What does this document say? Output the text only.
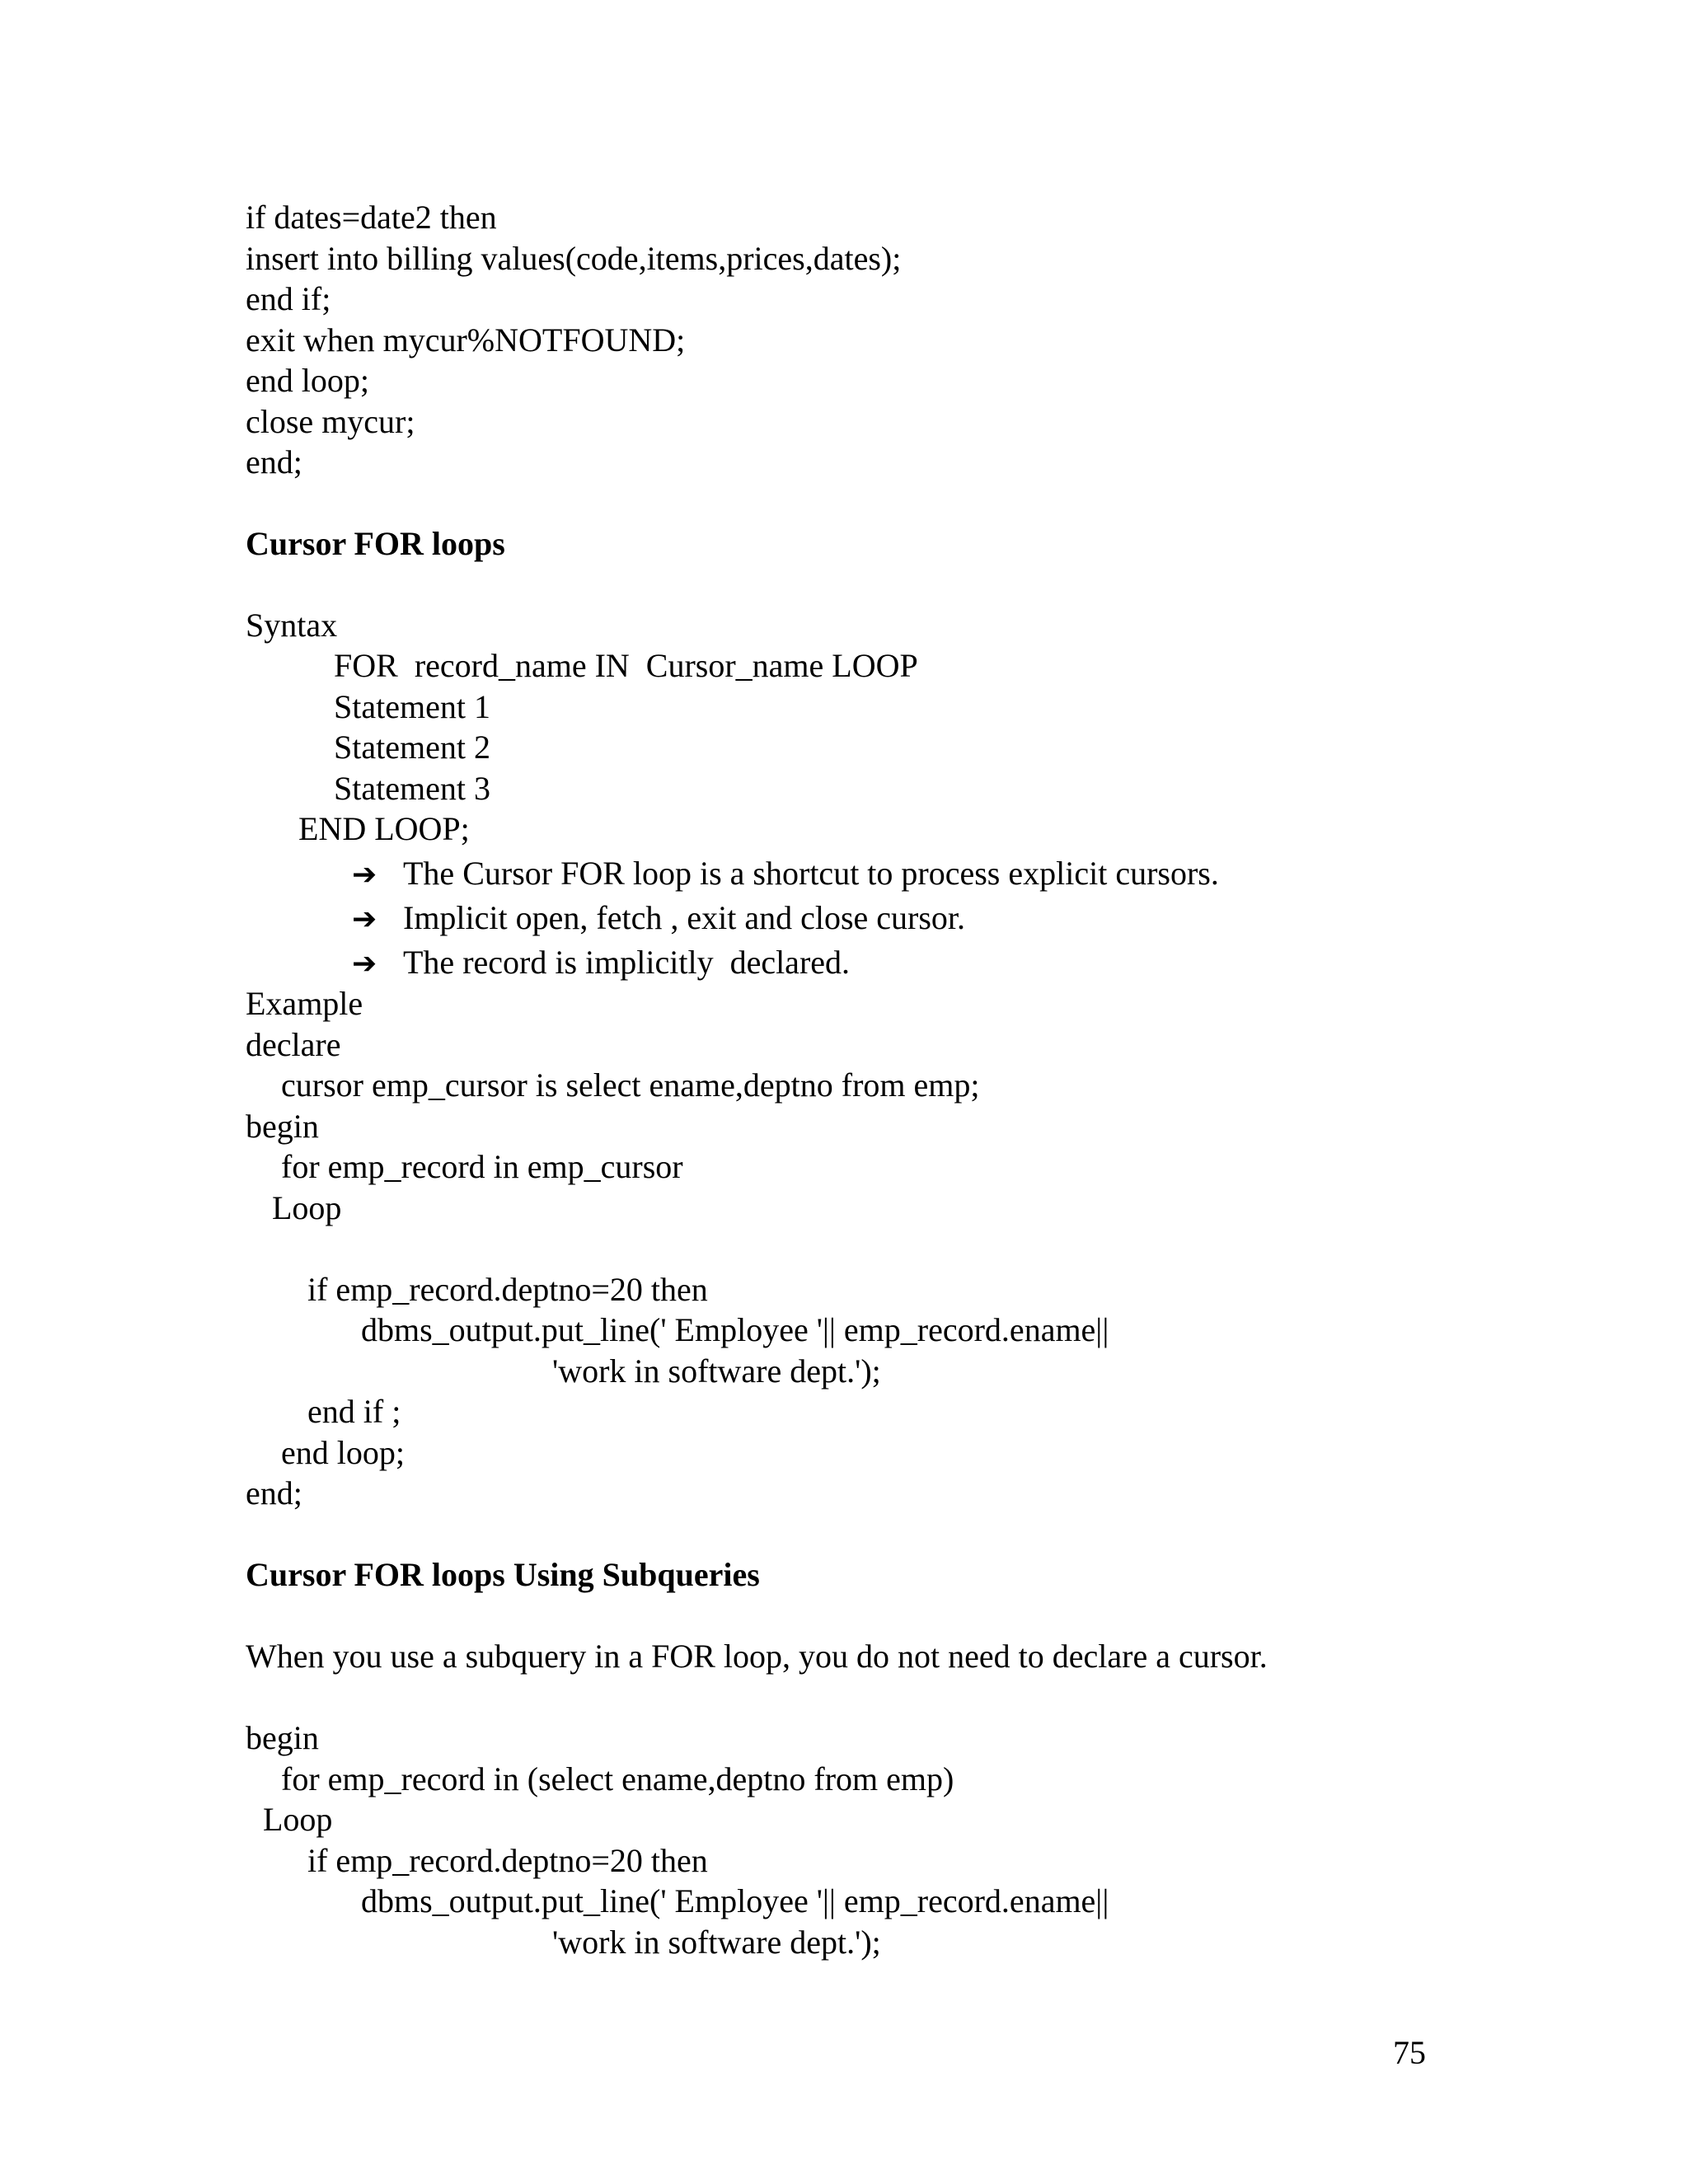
if dates=date2 then
insert into billing values(code,items,prices,dates);
end if;
exit when mycur%NOTFOUND;
end loop;
close mycur;
end;
Cursor FOR loops
Syntax
FOR  record_name IN  Cursor_name LOOP
Statement 1
Statement 2
Statement 3
END LOOP;
➔ The Cursor FOR loop is a shortcut to process explicit cursors.
➔ Implicit open, fetch , exit and close cursor.
➔ The record is implicitly  declared.
Example
declare
cursor emp_cursor is select ename,deptno from emp;
begin
for emp_record in emp_cursor
Loop
if emp_record.deptno=20 then
dbms_output.put_line(' Employee '|| emp_record.ename||
'work in software dept.');
end if ;
end loop;
end;
Cursor FOR loops Using Subqueries
When you use a subquery in a FOR loop, you do not need to declare a cursor.
begin
for emp_record in (select ename,deptno from emp)
Loop
if emp_record.deptno=20 then
dbms_output.put_line(' Employee '|| emp_record.ename||
'work in software dept.');
75
